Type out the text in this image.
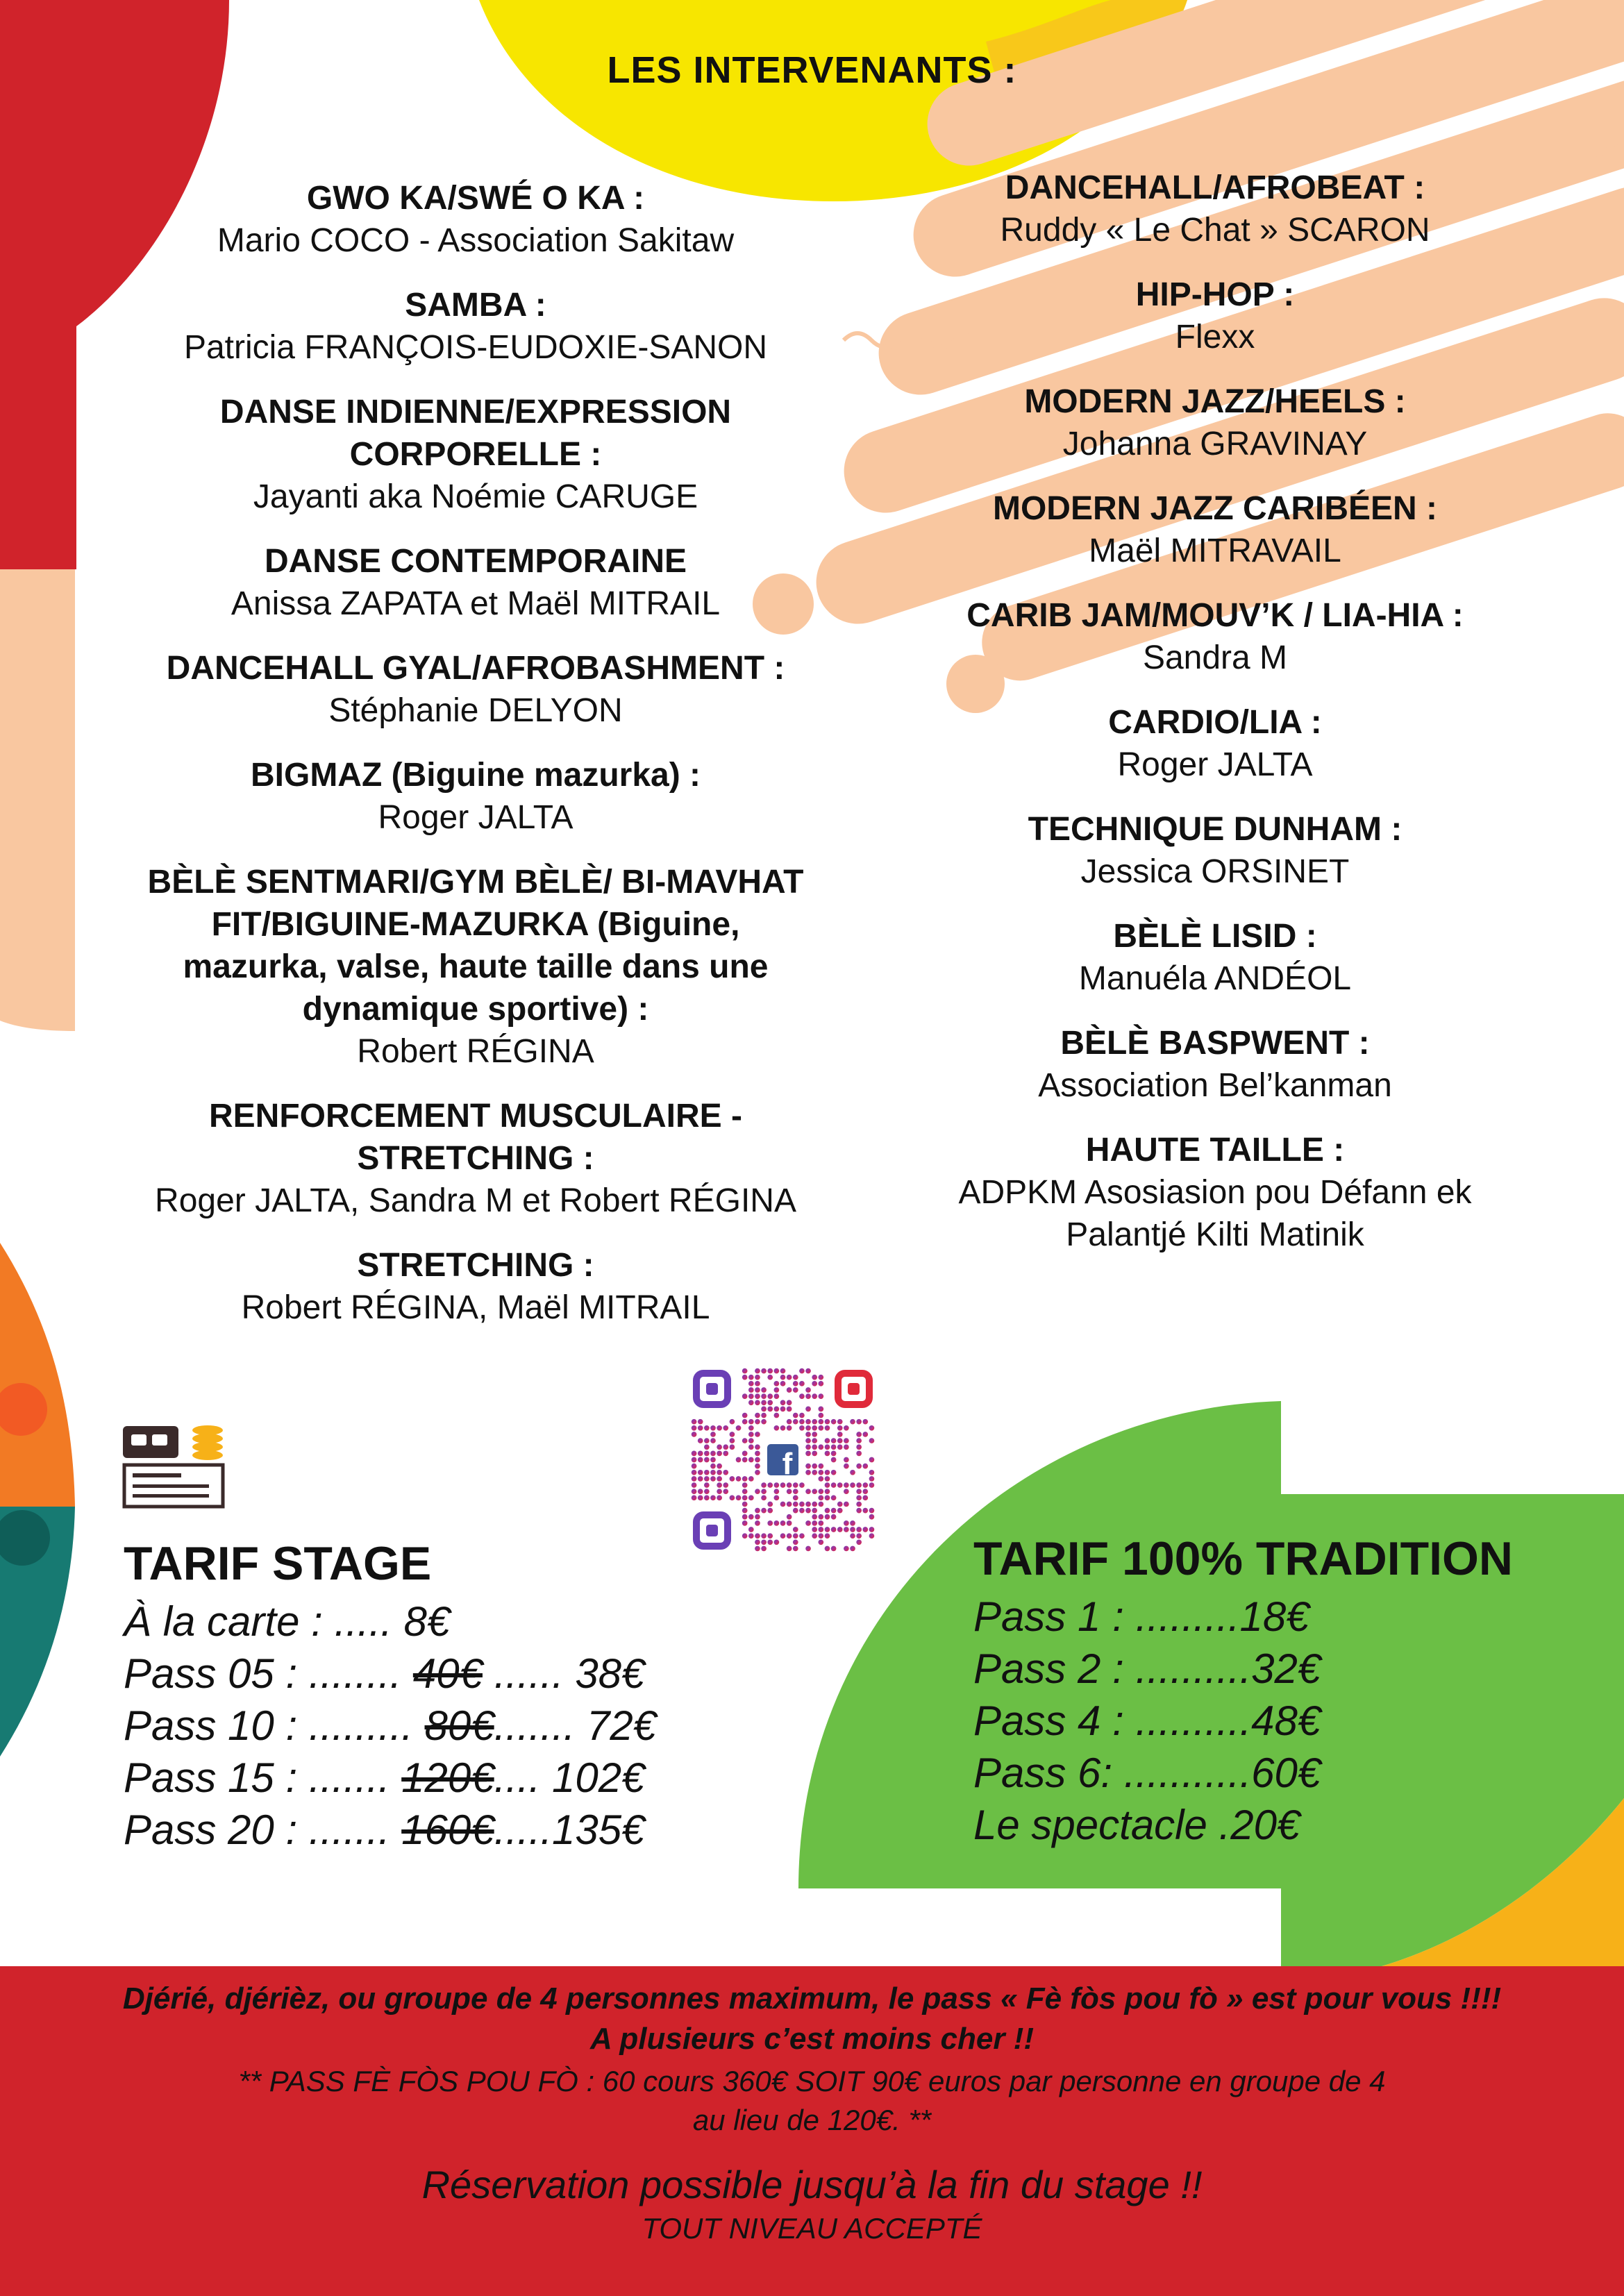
LES INTERVENANTS :
GWO KA/SWÉ O KA :
Mario COCO - Association Sakitaw
SAMBA :
Patricia FRANÇOIS-EUDOXIE-SANON
DANSE INDIENNE/EXPRESSION CORPORELLE :
Jayanti aka Noémie CARUGE
DANSE CONTEMPORAINE
Anissa ZAPATA et Maël MITRAIL
DANCEHALL GYAL/AFROBASHMENT :
Stéphanie DELYON
BIGMAZ (Biguine mazurka) :
Roger JALTA
BÈLÈ SENTMARI/GYM BÈLÈ/ BI-MAVHAT FIT/BIGUINE-MAZURKA (Biguine, mazurka, valse, haute taille dans une dynamique sportive) :
Robert RÉGINA
RENFORCEMENT MUSCULAIRE - STRETCHING :
Roger JALTA, Sandra M et Robert RÉGINA
STRETCHING :
Robert RÉGINA, Maël MITRAIL
DANCEHALL/AFROBEAT :
Ruddy « Le Chat » SCARON
HIP-HOP :
Flexx
MODERN JAZZ/HEELS :
Johanna GRAVINAY
MODERN JAZZ CARIBÉEN :
Maël MITRAVAIL
CARIB JAM/MOUV’K / LIA-HIA :
Sandra M
CARDIO/LIA :
Roger JALTA
TECHNIQUE DUNHAM :
Jessica ORSINET
BÈLÈ LISID :
Manuéla ANDÉOL
BÈLÈ BASPWENT :
Association Bel’kanman
HAUTE TAILLE :
ADPKM Asosiasion pou Défann ek Palantjé Kilti Matinik
f
TARIF STAGE
À la carte : ..... 8€
Pass 05 : ........ 40€ ...... 38€
Pass 10 : ......... 80€....... 72€
Pass 15 : ....... 120€.... 102€
Pass 20 : ....... 160€.....135€
TARIF 100% TRADITION
Pass 1 : .........18€
Pass 2 : ..........32€
Pass 4 : ..........48€
Pass 6: ...........60€
Le spectacle .20€
Djérié, djérièz, ou groupe de 4 personnes maximum, le pass « Fè fòs pou fò » est pour vous !!!!
A plusieurs c’est moins cher !!
** PASS FÈ FÒS POU FÒ : 60 cours 360€ SOIT 90€ euros par personne en groupe de 4
au lieu de 120€. **
Réservation possible jusqu’à la fin du stage !!
TOUT NIVEAU ACCEPTÉ
